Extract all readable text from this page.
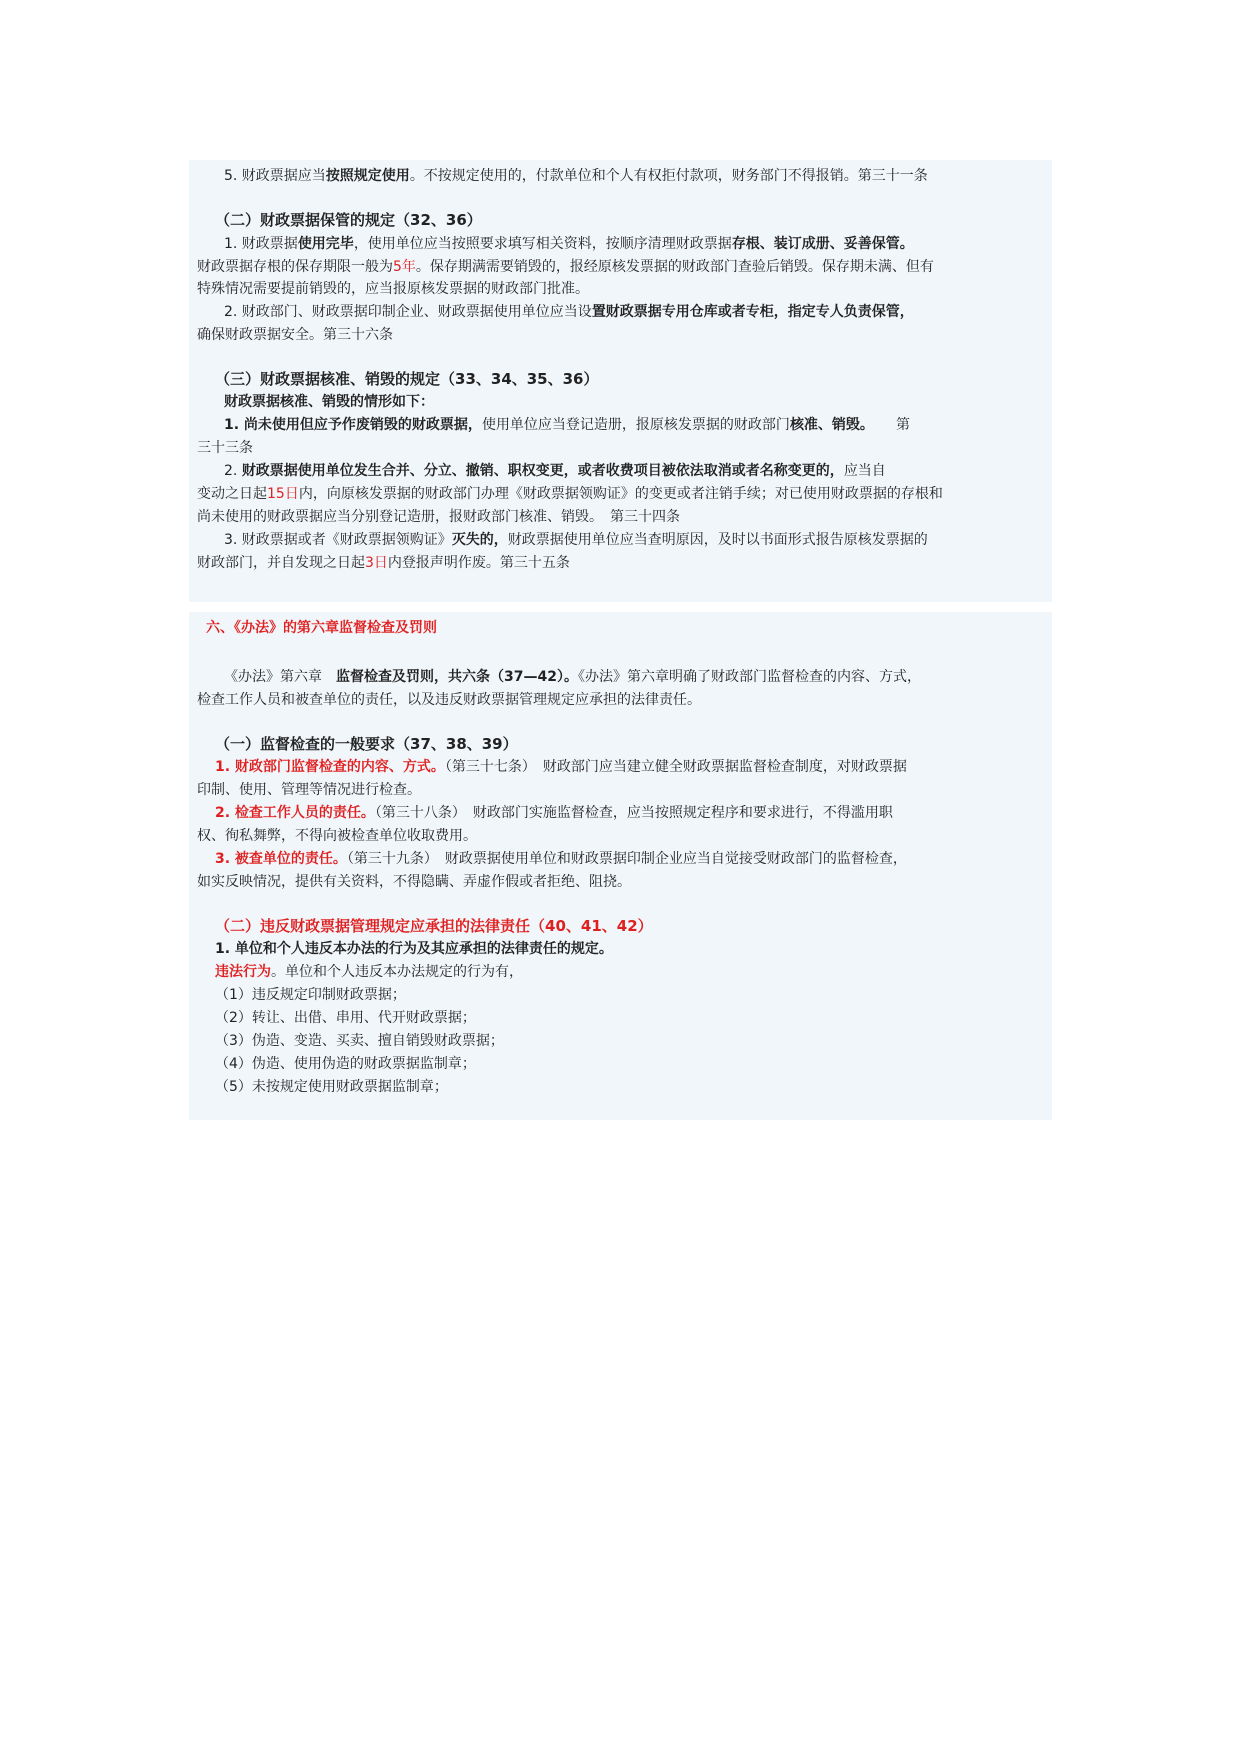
5. 财政票据应当按照规定使用。不按规定使用的，付款单位和个人有权拒付款项，财务部门不得报销。第三十一条
（二）财政票据保管的规定（32、36）
1. 财政票据使用完毕，使用单位应当按照要求填写相关资料，按顺序清理财政票据存根、装订成册、妥善保管。
财政票据存根的保存期限一般为5年。保存期满需要销毁的，报经原核发票据的财政部门查验后销毁。保存期未满、但有
特殊情况需要提前销毁的，应当报原核发票据的财政部门批准。
2. 财政部门、财政票据印制企业、财政票据使用单位应当设置财政票据专用仓库或者专柜，指定专人负责保管，
确保财政票据安全。第三十六条
（三）财政票据核准、销毁的规定（33、34、35、36）
财政票据核准、销毁的情形如下：
1. 尚未使用但应予作废销毁的财政票据，使用单位应当登记造册，报原核发票据的财政部门核准、销毁。 第
三十三条
2. 财政票据使用单位发生合并、分立、撤销、职权变更，或者收费项目被依法取消或者名称变更的，应当自
变动之日起15日内，向原核发票据的财政部门办理《财政票据领购证》的变更或者注销手续；对已使用财政票据的存根和
尚未使用的财政票据应当分别登记造册，报财政部门核准、销毁。　第三十四条
3. 财政票据或者《财政票据领购证》灭失的，财政票据使用单位应当查明原因，及时以书面形式报告原核发票据的
财政部门，并自发现之日起3日内登报声明作废。第三十五条
六、《办法》的第六章监督检查及罚则
《办法》第六章　监督检查及罚则，共六条（37—42）。《办法》第六章明确了财政部门监督检查的内容、方式，
检查工作人员和被查单位的责任，以及违反财政票据管理规定应承担的法律责任。
（一）监督检查的一般要求（37、38、39）
1. 财政部门监督检查的内容、方式。（第三十七条）　财政部门应当建立健全财政票据监督检查制度，对财政票据
印制、使用、管理等情况进行检查。
2. 检查工作人员的责任。（第三十八条）　财政部门实施监督检查，应当按照规定程序和要求进行，不得滥用职
权、徇私舞弊，不得向被检查单位收取费用。
3. 被查单位的责任。（第三十九条）　财政票据使用单位和财政票据印制企业应当自觉接受财政部门的监督检查，
如实反映情况，提供有关资料，不得隐瞒、弄虚作假或者拒绝、阻挠。
（二）违反财政票据管理规定应承担的法律责任（40、41、42）
1. 单位和个人违反本办法的行为及其应承担的法律责任的规定。
违法行为。单位和个人违反本办法规定的行为有，
（1）违反规定印制财政票据；
（2）转让、出借、串用、代开财政票据；
（3）伪造、变造、买卖、擅自销毁财政票据；
（4）伪造、使用伪造的财政票据监制章；
（5）未按规定使用财政票据监制章；
